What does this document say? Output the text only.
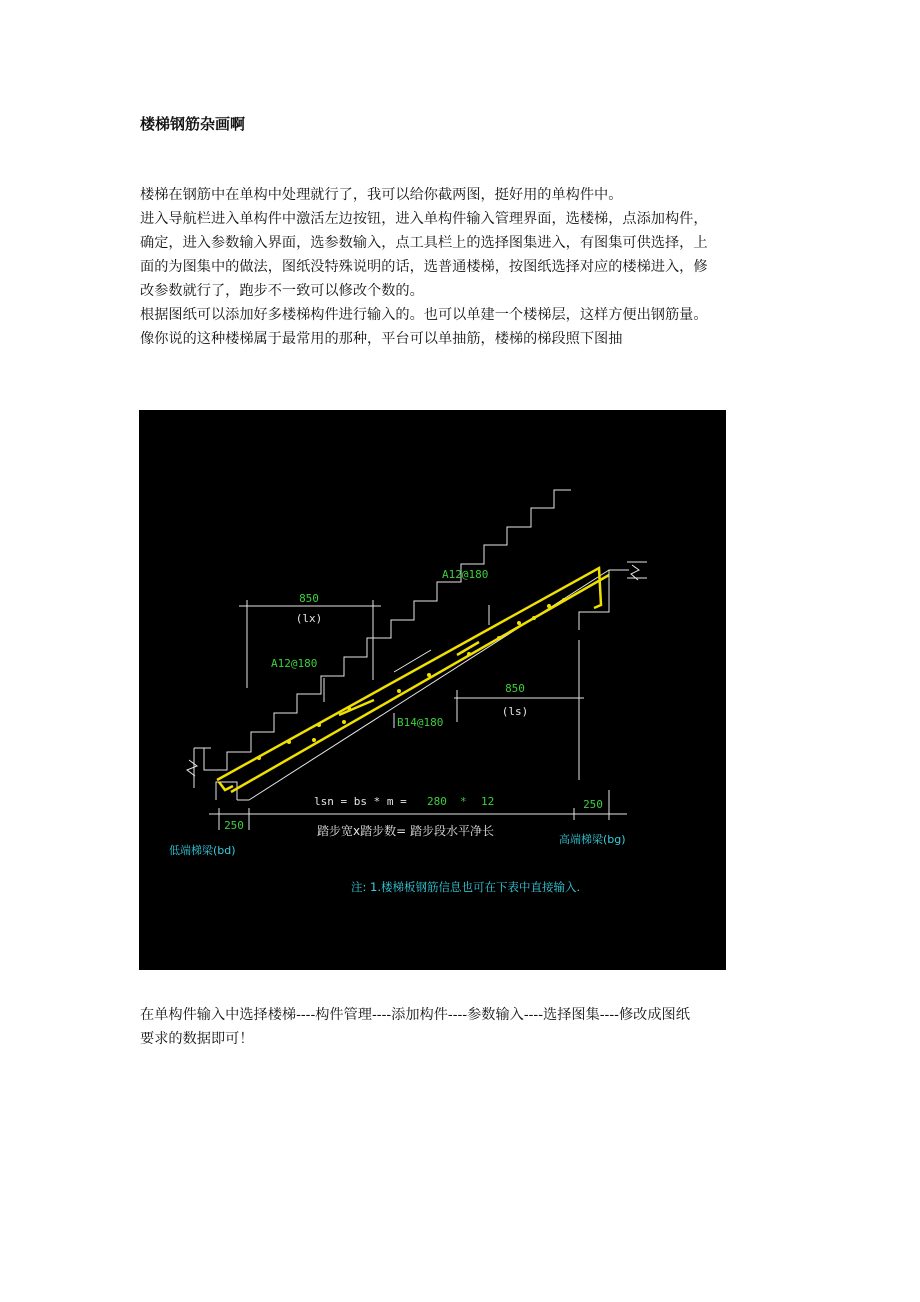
楼梯钢筋杂画啊
楼梯在钢筋中在单构中处理就行了，我可以给你截两图，挺好用的单构件中。
进入导航栏进入单构件中激活左边按钮，进入单构件输入管理界面，选楼梯，点添加构件，
确定，进入参数输入界面，选参数输入，点工具栏上的选择图集进入，有图集可供选择，上
面的为图集中的做法，图纸没特殊说明的话，选普通楼梯，按图纸选择对应的楼梯进入，修
改参数就行了，跑步不一致可以修改个数的。
根据图纸可以添加好多楼梯构件进行输入的。也可以单建一个楼梯层，这样方便出钢筋量。
像你说的这种楼梯属于最常用的那种，平台可以单抽筋，楼梯的梯段照下图抽
850
(lx)
A12@180
A12@180
B14@180
850
(ls)
lsn = bs * m = 280 * 12
踏步宽x踏步数= 踏步段水平净长
250
250
低端梯梁(bd)
高端梯梁(bg)
注: 1.楼梯板钢筋信息也可在下表中直接输入.
在单构件输入中选择楼梯----构件管理----添加构件----参数输入----选择图集----修改成图纸
要求的数据即可！
